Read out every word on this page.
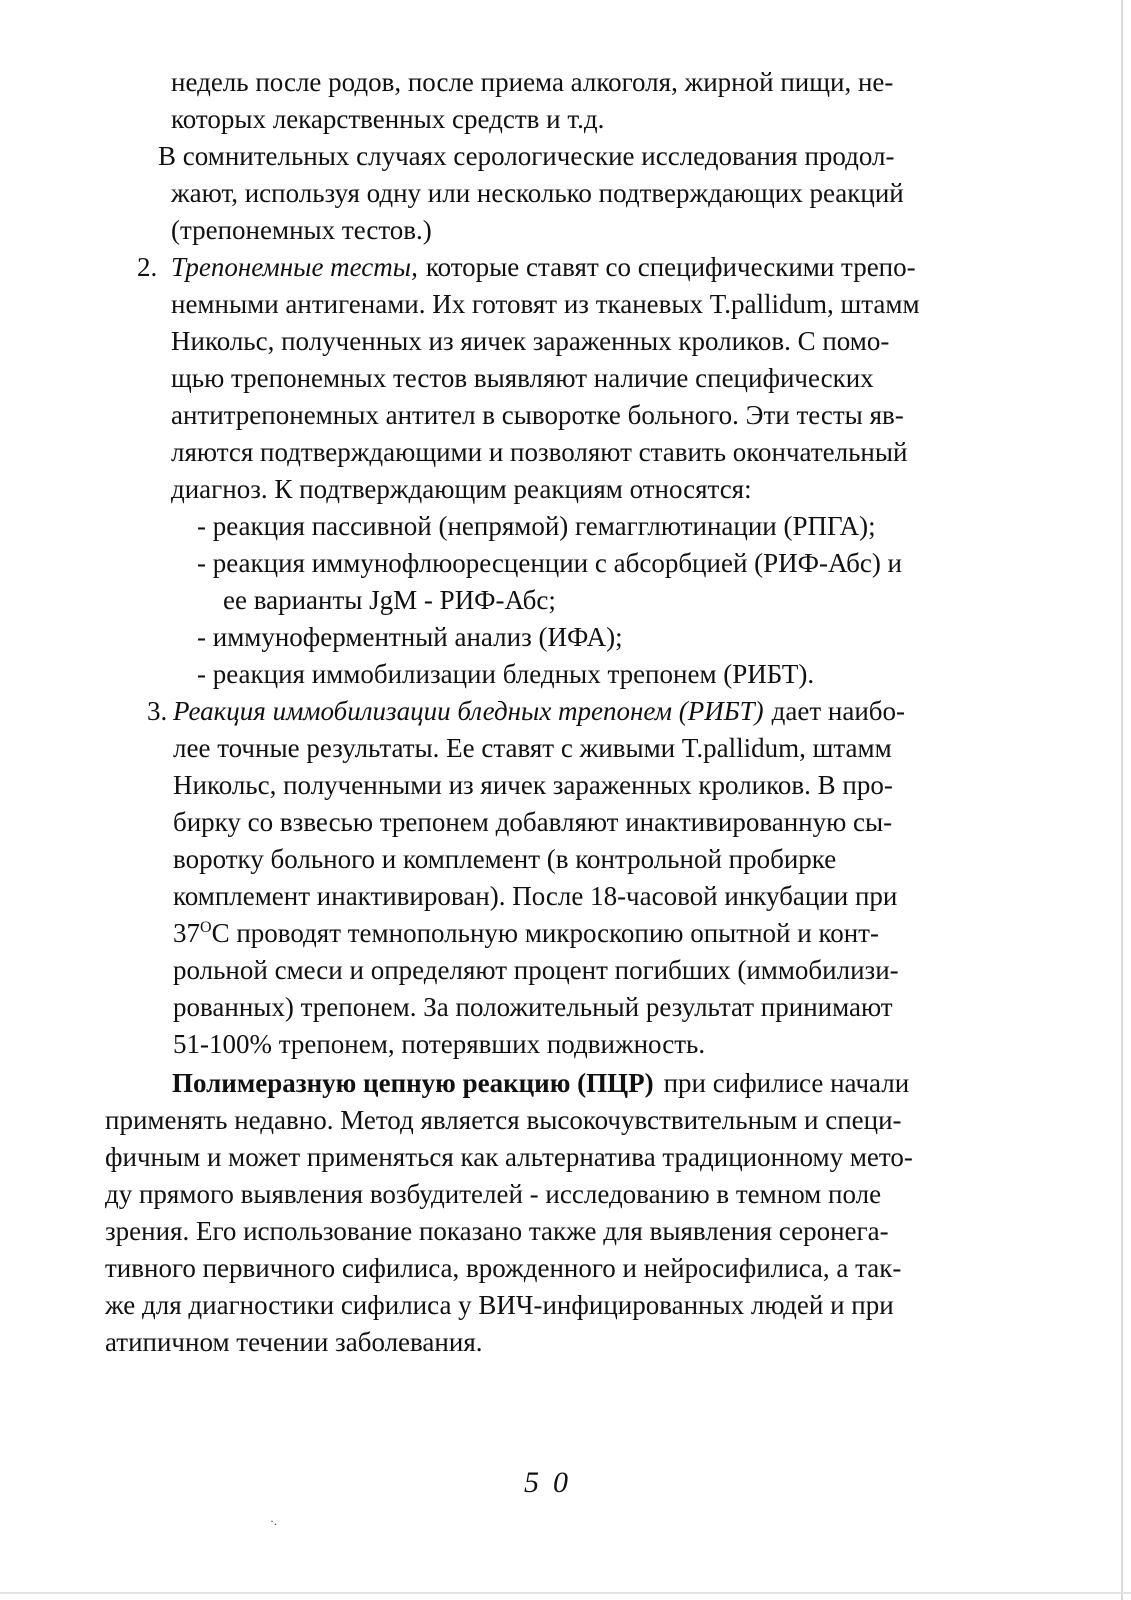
недель после родов, после приема алкоголя, жирной пищи, не-
которых лекарственных средств и т.д.
В сомнительных случаях серологические исследования продол-
жают, используя одну или несколько подтверждающих реакций
(трепонемных тестов.)
2. Трепонемные тесты, которые ставят со специфическими трепо-
немными антигенами. Их готовят из тканевых T.pallidum, штамм
Никольс, полученных из яичек зараженных кроликов. С помо-
щью трепонемных тестов выявляют наличие специфических
антитрепонемных антител в сыворотке больного. Эти тесты яв-
ляются подтверждающими и позволяют ставить окончательный
диагноз. К подтверждающим реакциям относятся:
- реакция пассивной (непрямой) гемагглютинации (РПГА);
- реакция иммунофлюоресценции с абсорбцией (РИФ-Абс) и
ее варианты JgM - РИФ-Абс;
- иммуноферментный анализ (ИФА);
- реакция иммобилизации бледных трепонем (РИБТ).
3. Реакция иммобилизации бледных трепонем (РИБТ) дает наибо-
лее точные результаты. Ее ставят с живыми T.pallidum, штамм
Никольс, полученными из яичек зараженных кроликов. В про-
бирку со взвесью трепонем добавляют инактивированную сы-
воротку больного и комплемент (в контрольной пробирке
комплемент инактивирован). После 18-часовой инкубации при
$37^OС$ проводят темнопольную микроскопию опытной и конт-
рольной смеси и определяют процент погибших (иммобилизи-
рованных) трепонем. За положительный результат принимают
51-100% трепонем, потерявших подвижность.
Полимеразную цепную реакцию (ПЦР) при сифилисе начали
применять недавно. Метод является высокочувствительным и специ-
фичным и может применяться как альтернатива традиционному мето-
ду прямого выявления возбудителей - исследованию в темном поле
зрения. Его использование показано также для выявления серонега-
тивного первичного сифилиса, врожденного и нейросифилиса, а так-
же для диагностики сифилиса у ВИЧ-инфицированных людей и при
атипичном течении заболевания.
50
·.
